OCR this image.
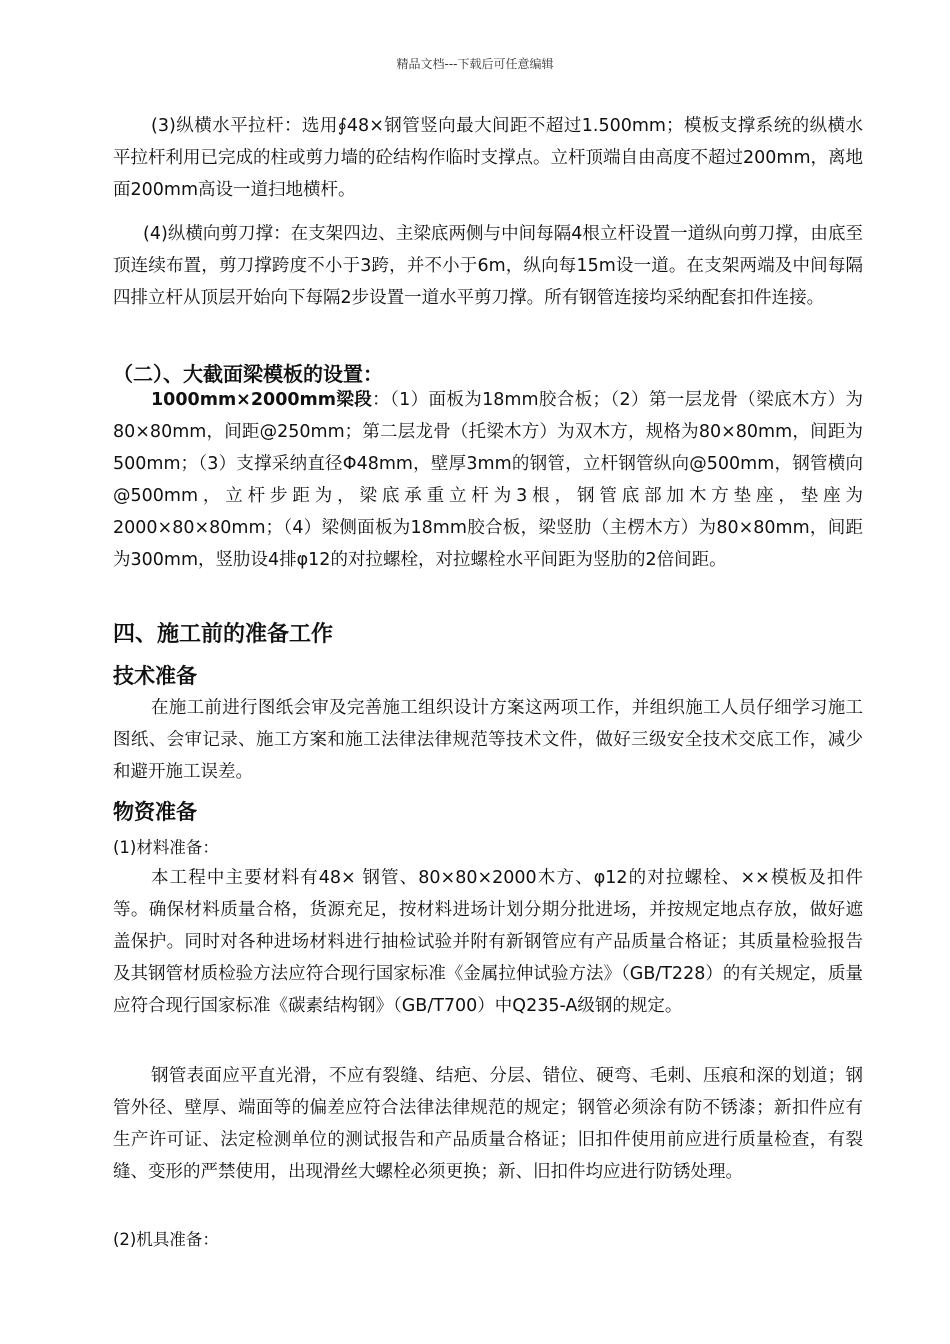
精品文档---下载后可任意编辑

(3)纵横水平拉杆：选用∮48×钢管竖向最大间距不超过1.500mm；模板支撑系统的纵横水平拉杆利用已完成的柱或剪力墙的砼结构作临时支撑点。立杆顶端自由高度不超过200mm，离地面200mm高设一道扫地横杆。

(4)纵横向剪刀撑：在支架四边、主梁底两侧与中间每隔4根立杆设置一道纵向剪刀撑，由底至顶连续布置，剪刀撑跨度不小于3跨，并不小于6m，纵向每15m设一道。在支架两端及中间每隔四排立杆从顶层开始向下每隔2步设置一道水平剪刀撑。所有钢管连接均采纳配套扣件连接。

（二）、大截面梁模板的设置：

1000mm×2000mm梁段：（1）面板为18mm胶合板；（2）第一层龙骨（梁底木方）为80×80mm，间距@250mm；第二层龙骨（托梁木方）为双木方，规格为80×80mm，间距为500mm；（3）支撑采纳直径Φ48mm，壁厚3mm的钢管，立杆钢管纵向@500mm，钢管横向@500mm，立杆步距为，梁底承重立杆为3根，钢管底部加木方垫座，垫座为2000×80×80mm；（4）梁侧面板为18mm胶合板，梁竖肋（主楞木方）为80×80mm，间距为300mm，竖肋设4排φ12的对拉螺栓，对拉螺栓水平间距为竖肋的2倍间距。

四、施工前的准备工作
技术准备

在施工前进行图纸会审及完善施工组织设计方案这两项工作，并组织施工人员仔细学习施工图纸、会审记录、施工方案和施工法律法律规范等技术文件，做好三级安全技术交底工作，减少和避开施工误差。

物资准备
(1)材料准备：

本工程中主要材料有48× 钢管、80×80×2000木方、φ12的对拉螺栓、××模板及扣件等。确保材料质量合格，货源充足，按材料进场计划分期分批进场，并按规定地点存放，做好遮盖保护。同时对各种进场材料进行抽检试验并附有新钢管应有产品质量合格证；其质量检验报告及其钢管材质检验方法应符合现行国家标准《金属拉伸试验方法》（GB/T228）的有关规定，质量应符合现行国家标准《碳素结构钢》（GB/T700）中Q235-A级钢的规定。

钢管表面应平直光滑，不应有裂缝、结疤、分层、错位、硬弯、毛刺、压痕和深的划道；钢管外径、壁厚、端面等的偏差应符合法律法律规范的规定；钢管必须涂有防不锈漆；新扣件应有生产许可证、法定检测单位的测试报告和产品质量合格证；旧扣件使用前应进行质量检查，有裂缝、变形的严禁使用，出现滑丝大螺栓必须更换；新、旧扣件均应进行防锈处理。

(2)机具准备：
